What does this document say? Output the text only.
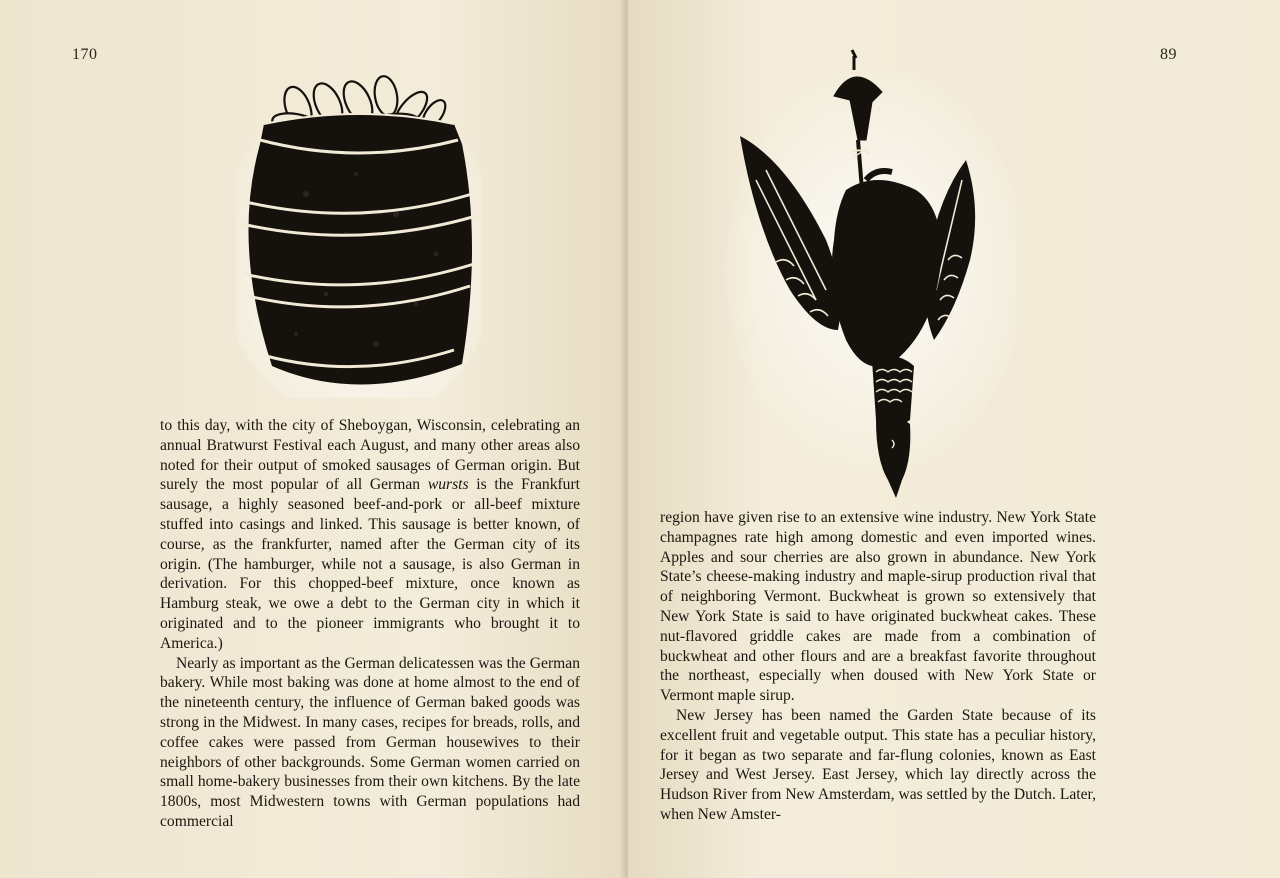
170

to this day, with the city of Sheboygan, Wisconsin, celebrating an annual Bratwurst Festival each August, and many other areas also noted for their output of smoked sausages of German origin. But surely the most popular of all German wursts is the Frankfurt sausage, a highly seasoned beef-and-pork or all-beef mixture stuffed into casings and linked. This sausage is better known, of course, as the frankfurter, named after the German city of its origin. (The hamburger, while not a sausage, is also German in derivation. For this chopped-beef mixture, once known as Hamburg steak, we owe a debt to the German city in which it originated and to the pioneer immigrants who brought it to America.)

Nearly as important as the German delicatessen was the German bakery. While most baking was done at home almost to the end of the nineteenth century, the influence of German baked goods was strong in the Midwest. In many cases, recipes for breads, rolls, and coffee cakes were passed from German housewives to their neighbors of other backgrounds. Some German women carried on small home-bakery businesses from their own kitchens. By the late 1800s, most Midwestern towns with German populations had commercial

89

region have given rise to an extensive wine industry. New York State champagnes rate high among domestic and even imported wines. Apples and sour cherries are also grown in abundance. New York State’s cheese-making industry and maple-sirup production rival that of neighboring Vermont. Buckwheat is grown so extensively that New York State is said to have originated buckwheat cakes. These nut-flavored griddle cakes are made from a combination of buckwheat and other flours and are a breakfast favorite throughout the northeast, especially when doused with New York State or Vermont maple sirup.

New Jersey has been named the Garden State because of its excellent fruit and vegetable output. This state has a peculiar history, for it began as two separate and far-flung colonies, known as East Jersey and West Jersey. East Jersey, which lay directly across the Hudson River from New Amsterdam, was settled by the Dutch. Later, when New Amster-
